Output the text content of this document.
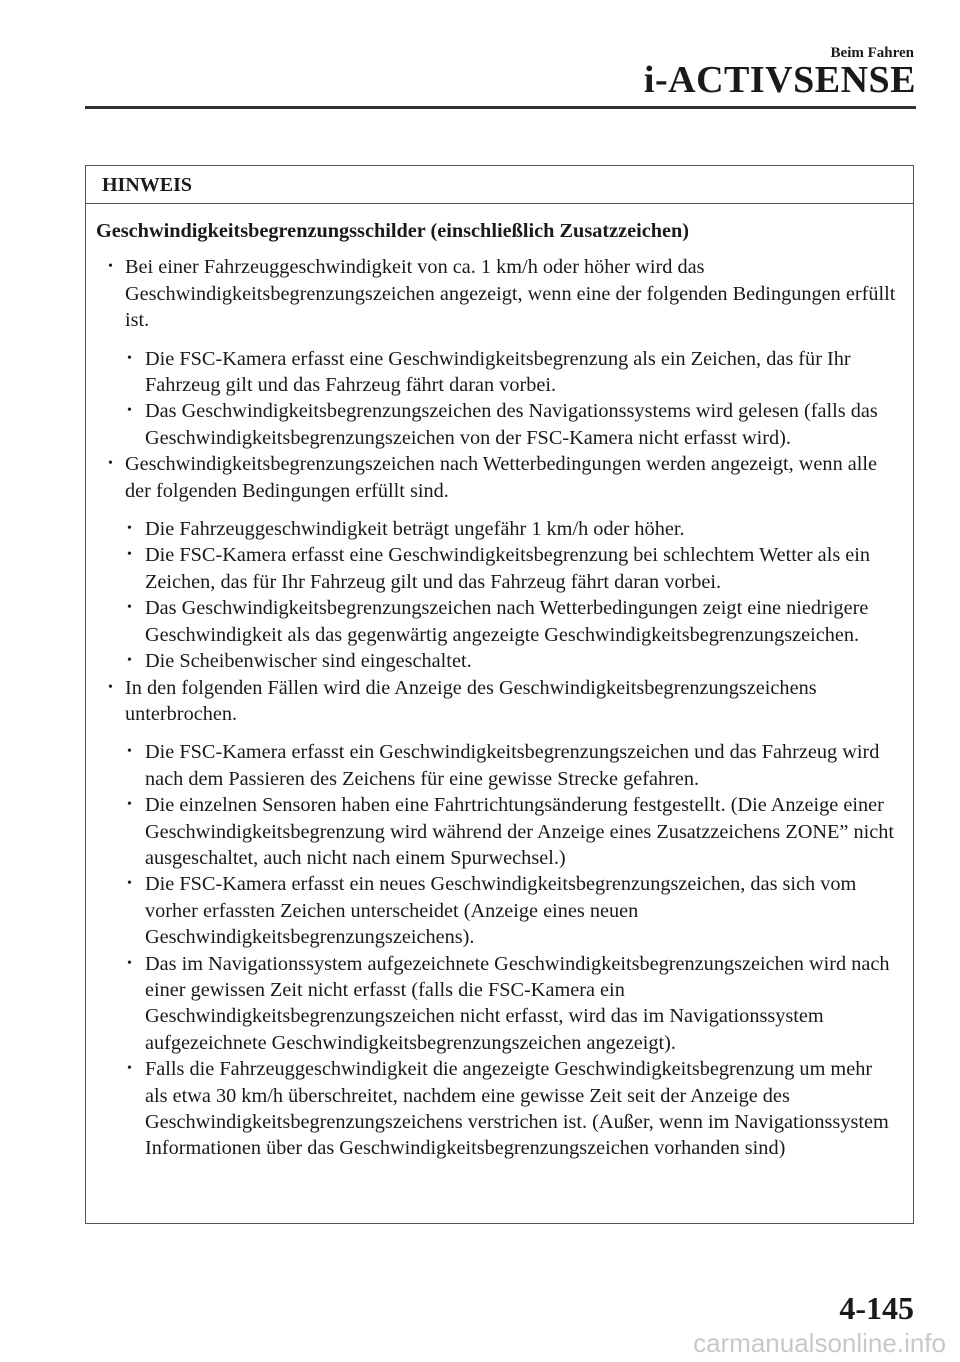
Beim Fahren
i-ACTIVSENSE
HINWEIS
Geschwindigkeitsbegrenzungsschilder (einschließlich Zusatzzeichen)
• Bei einer Fahrzeuggeschwindigkeit von ca. 1 km/h oder höher wird das Geschwindigkeitsbegrenzungszeichen angezeigt, wenn eine der folgenden Bedingungen erfüllt ist.
• Die FSC-Kamera erfasst eine Geschwindigkeitsbegrenzung als ein Zeichen, das für Ihr Fahrzeug gilt und das Fahrzeug fährt daran vorbei.
• Das Geschwindigkeitsbegrenzungszeichen des Navigationssystems wird gelesen (falls das Geschwindigkeitsbegrenzungszeichen von der FSC-Kamera nicht erfasst wird).
• Geschwindigkeitsbegrenzungszeichen nach Wetterbedingungen werden angezeigt, wenn alle der folgenden Bedingungen erfüllt sind.
• Die Fahrzeuggeschwindigkeit beträgt ungefähr 1 km/h oder höher.
• Die FSC-Kamera erfasst eine Geschwindigkeitsbegrenzung bei schlechtem Wetter als ein Zeichen, das für Ihr Fahrzeug gilt und das Fahrzeug fährt daran vorbei.
• Das Geschwindigkeitsbegrenzungszeichen nach Wetterbedingungen zeigt eine niedrigere Geschwindigkeit als das gegenwärtig angezeigte Geschwindigkeitsbegrenzungszeichen.
• Die Scheibenwischer sind eingeschaltet.
• In den folgenden Fällen wird die Anzeige des Geschwindigkeitsbegrenzungszeichens unterbrochen.
• Die FSC-Kamera erfasst ein Geschwindigkeitsbegrenzungszeichen und das Fahrzeug wird nach dem Passieren des Zeichens für eine gewisse Strecke gefahren.
• Die einzelnen Sensoren haben eine Fahrtrichtungsänderung festgestellt. (Die Anzeige einer Geschwindigkeitsbegrenzung wird während der Anzeige eines Zusatzzeichens ZONE” nicht ausgeschaltet, auch nicht nach einem Spurwechsel.)
• Die FSC-Kamera erfasst ein neues Geschwindigkeitsbegrenzungszeichen, das sich vom vorher erfassten Zeichen unterscheidet (Anzeige eines neuen Geschwindigkeitsbegrenzungszeichens).
• Das im Navigationssystem aufgezeichnete Geschwindigkeitsbegrenzungszeichen wird nach einer gewissen Zeit nicht erfasst (falls die FSC-Kamera ein Geschwindigkeitsbegrenzungszeichen nicht erfasst, wird das im Navigationssystem aufgezeichnete Geschwindigkeitsbegrenzungszeichen angezeigt).
• Falls die Fahrzeuggeschwindigkeit die angezeigte Geschwindigkeitsbegrenzung um mehr als etwa 30 km/h überschreitet, nachdem eine gewisse Zeit seit der Anzeige des Geschwindigkeitsbegrenzungszeichens verstrichen ist. (Außer, wenn im Navigationssystem Informationen über das Geschwindigkeitsbegrenzungszeichen vorhanden sind)
4-145
carmanualsonline.info
